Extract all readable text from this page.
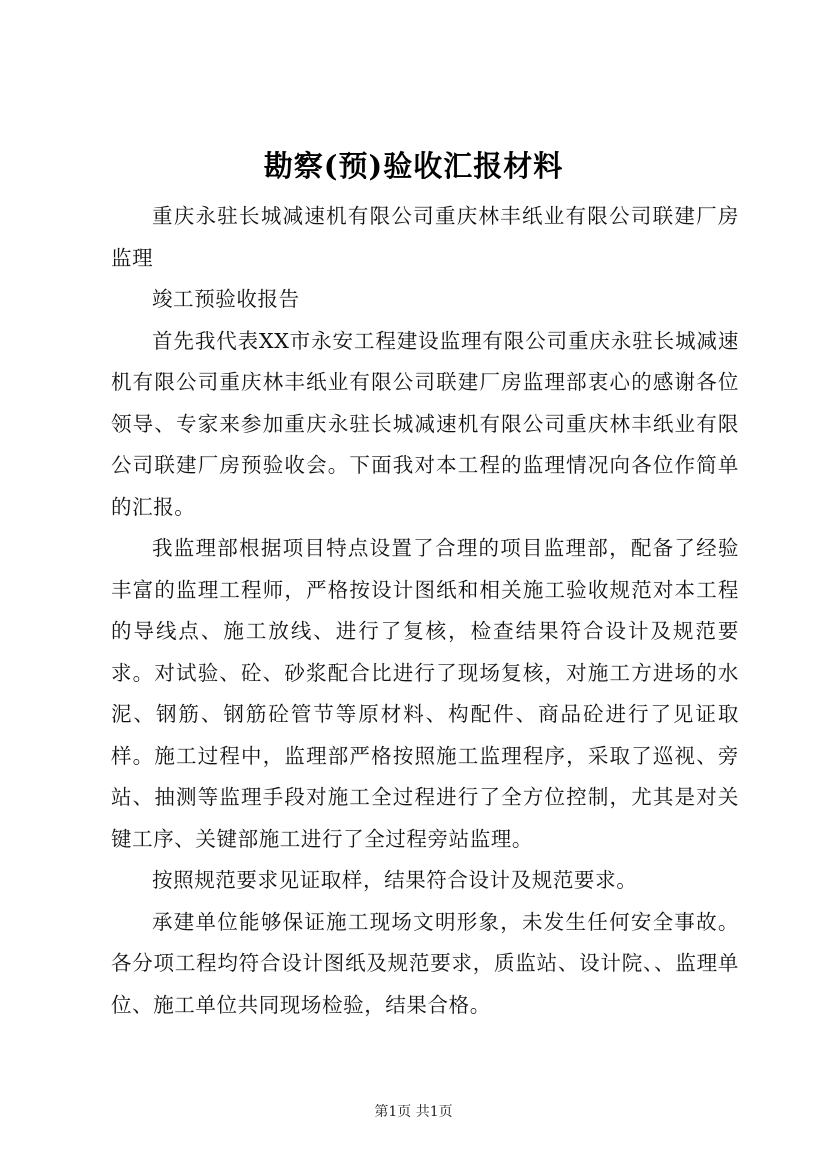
勘察(预)验收汇报材料

重庆永驻长城减速机有限公司重庆林丰纸业有限公司联建厂房监理

竣工预验收报告

首先我代表XX市永安工程建设监理有限公司重庆永驻长城减速机有限公司重庆林丰纸业有限公司联建厂房监理部衷心的感谢各位领导、专家来参加重庆永驻长城减速机有限公司重庆林丰纸业有限公司联建厂房预验收会。下面我对本工程的监理情况向各位作简单的汇报。

我监理部根据项目特点设置了合理的项目监理部，配备了经验丰富的监理工程师，严格按设计图纸和相关施工验收规范对本工程的导线点、施工放线、进行了复核，检查结果符合设计及规范要求。对试验、砼、砂浆配合比进行了现场复核，对施工方进场的水泥、钢筋、钢筋砼管节等原材料、构配件、商品砼进行了见证取样。施工过程中，监理部严格按照施工监理程序，采取了巡视、旁站、抽测等监理手段对施工全过程进行了全方位控制，尤其是对关键工序、关键部施工进行了全过程旁站监理。

按照规范要求见证取样，结果符合设计及规范要求。

承建单位能够保证施工现场文明形象，未发生任何安全事故。各分项工程均符合设计图纸及规范要求，质监站、设计院、、监理单位、施工单位共同现场检验，结果合格。

第1页 共1页
